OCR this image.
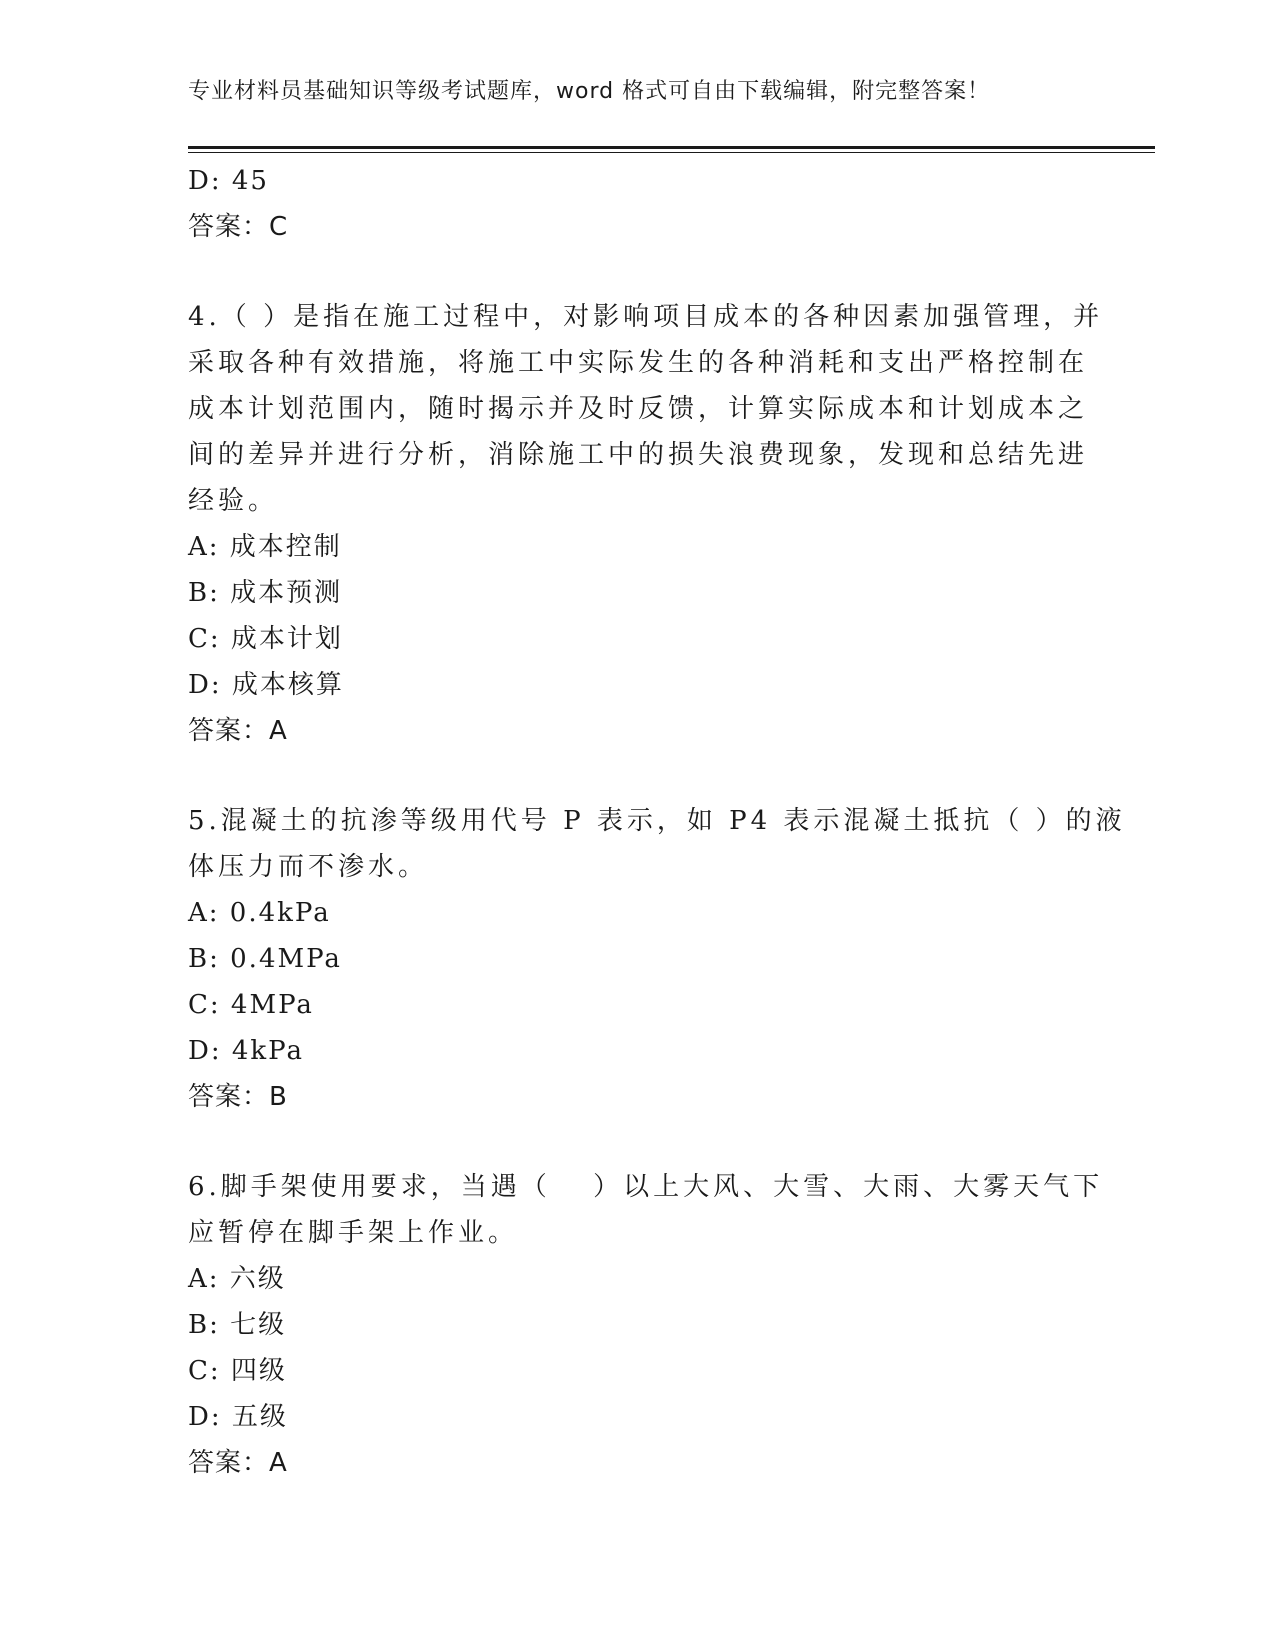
专业材料员基础知识等级考试题库，word 格式可自由下载编辑，附完整答案！
D: 45
答案：C
4.（ ）是指在施工过程中，对影响项目成本的各种因素加强管理，并
采取各种有效措施，将施工中实际发生的各种消耗和支出严格控制在
成本计划范围内，随时揭示并及时反馈，计算实际成本和计划成本之
间的差异并进行分析，消除施工中的损失浪费现象，发现和总结先进
经验。
A: 成本控制
B: 成本预测
C: 成本计划
D: 成本核算
答案：A
5.混凝土的抗渗等级用代号 P 表示，如 P4 表示混凝土抵抗（ ）的液
体压力而不渗水。
A: 0.4kPa
B: 0.4MPa
C: 4MPa
D: 4kPa
答案：B
6.脚手架使用要求，当遇（　 ）以上大风、大雪、大雨、大雾天气下
应暂停在脚手架上作业。
A: 六级
B: 七级
C: 四级
D: 五级
答案：A
